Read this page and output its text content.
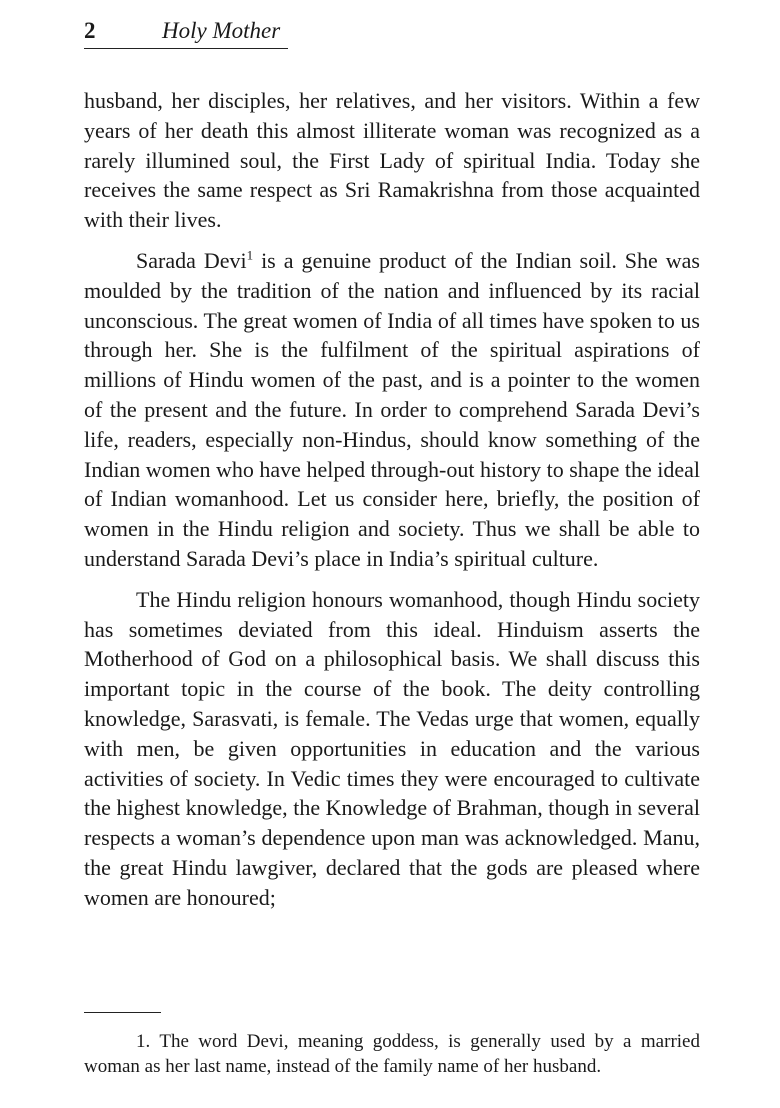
2	Holy Mother

husband, her disciples, her relatives, and her visitors. Within a few years of her death this almost illiterate woman was recognized as a rarely illumined soul, the First Lady of spiritual India. Today she receives the same respect as Sri Ramakrishna from those acquainted with their lives.

Sarada Devi$^1$ is a genuine product of the Indian soil. She was moulded by the tradition of the nation and influenced by its racial unconscious. The great women of India of all times have spoken to us through her. She is the fulfilment of the spiritual aspirations of millions of Hindu women of the past, and is a pointer to the women of the present and the future. In order to comprehend Sarada Devi’s life, readers, especially non-Hindus, should know something of the Indian women who have helped through-out history to shape the ideal of Indian womanhood. Let us consider here, briefly, the position of women in the Hindu religion and society. Thus we shall be able to understand Sarada Devi’s place in India’s spiritual culture.

The Hindu religion honours womanhood, though Hindu society has sometimes deviated from this ideal. Hinduism asserts the Motherhood of God on a philosophical basis. We shall discuss this important topic in the course of the book. The deity controlling knowledge, Sarasvati, is female. The Vedas urge that women, equally with men, be given opportunities in education and the various activities of society. In Vedic times they were encouraged to cultivate the highest knowledge, the Knowledge of Brahman, though in several respects a woman’s dependence upon man was acknowledged. Manu, the great Hindu lawgiver, declared that the gods are pleased where women are honoured;

1. The word Devi, meaning goddess, is generally used by a married woman as her last name, instead of the family name of her husband.
